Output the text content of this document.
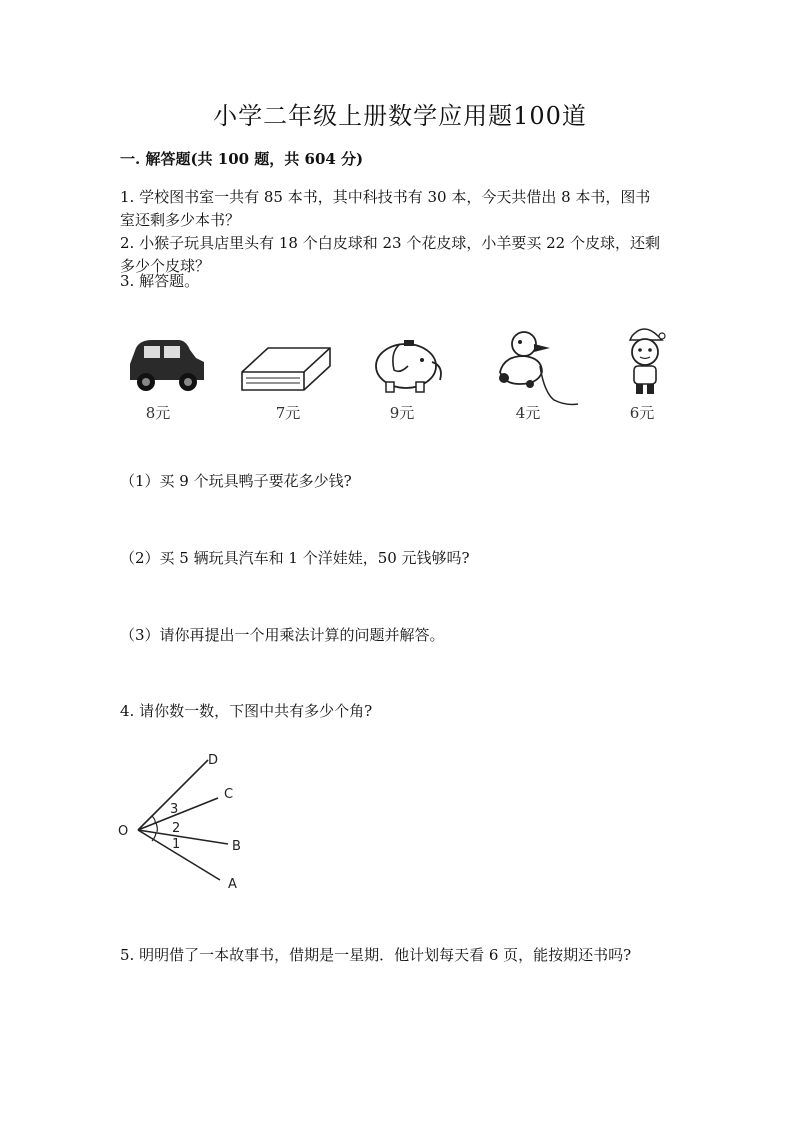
小学二年级上册数学应用题100道
一. 解答题(共 100 题，共 604 分)
1. 学校图书室一共有 85 本书，其中科技书有 30 本，今天共借出 8 本书，图书
室还剩多少本书？
2. 小猴子玩具店里头有 18 个白皮球和 23 个花皮球，小羊要买 22 个皮球，还剩
多少个皮球？
3. 解答题。
8元	7元	9元	4元	6元
（1）买 9 个玩具鸭子要花多少钱?
（2）买 5 辆玩具汽车和 1 个洋娃娃，50 元钱够吗?
（3）请你再提出一个用乘法计算的问题并解答。
4. 请你数一数，下图中共有多少个角?
O
A
B
C
D
1
2
3
5. 明明借了一本故事书，借期是一星期．他计划每天看 6 页，能按期还书吗?
